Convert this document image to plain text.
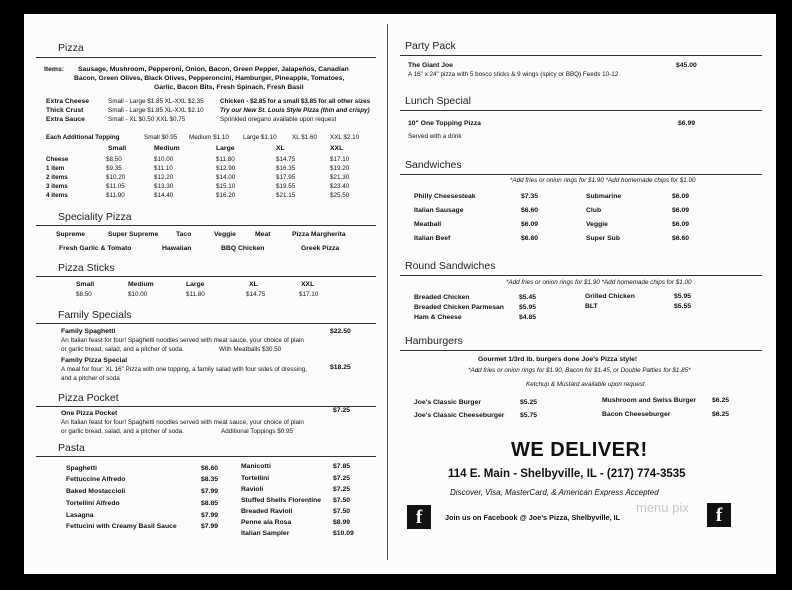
Pizza
Items: Sausage, Mushroom, Pepperoni, Onion, Bacon, Green Pepper, Jalapeños, Canadian
Bacon, Green Olives, Black Olives, Pepperoncini, Hamburger, Pineapple, Tomatoes,
Garlic, Bacon Bits, Fresh Spinach, Fresh Basil
Extra Cheese	Small - Large $1.85 XL-XXL $2.35	Chicken - $2.85 for a small $3.85 for all other sizes
Thick Crust	Small - Large $1.85 XL-XXL $2.10	Try our New St. Louis Style Pizza (thin and crispy)
Extra Sauce	Small - XL $0.50 XXL $0.75	Sprinkled oregano available upon request
Each Additional Topping	Small $0.95 Medium $1.10 Large $1.10 XL $1.60 XXL $2.10
Small	Medium	Large	XL	XXL
Cheese	$8.50	$10.00	$11.80	$14.75	$17.10
1 item	$9.35	$11.10	$12.90	$16.35	$19.20
2 items	$10.20	$12.20	$14.00	$17.95	$21.30
3 items	$11.05	$13.30	$15.10	$19.55	$23.40
4 items	$11.90	$14.40	$16.20	$21.15	$25.50
Speciality Pizza
Supreme	Super Supreme	Taco	Veggie	Meat	Pizza Margherita
Fresh Garlic & Tomato	Hawaiian	BBQ Chicken	Greek Pizza
Pizza Sticks
Small	Medium	Large	XL	XXL
$8.50	$10.00	$11.80	$14.75	$17.10
Family Specials
Family Spaghetti	$22.50
An Italian feast for four! Spaghetti noodles served with meat sauce, your choice of plain
or garlic bread, salad, and a pitcher of soda.	With Meatballs $30.50
Family Pizza Special
$18.25
A meal for four: XL 16" Pizza with one topping, a family salad with four sides of dressing,
and a pitcher of soda
Pizza Pocket
One Pizza Pocket	$7.25
An Italian feast for four! Spaghetti noodles served with meat sauce, your choice of plain
or garlic bread, salad, and a pitcher of soda.	Additional Toppings $0.95
Pasta
Spaghetti	$6.60
Fettuccine Alfredo	$8.35
Baked Mostaccioli	$7.99
Tortellini Alfredo	$8.85
Lasagna	$7.99
Fettucini with Creamy Basil Sauce	$7.99
Manicotti	$7.85
Tortellini	$7.25
Ravioli	$7.25
Stuffed Shells Florentine $7.50
Breaded Ravioli	$7.50
Penne ala Rosa	$8.99
Italian Sampler	$10.09
Party Pack
The Giant Joe	$45.00
A 16" x 24" pizza with 5 bosco sticks & 9 wings (spicy or BBQ) Feeds 10-12
Lunch Special
10" One Topping Pizza	$6.99
Served with a drink
Sandwiches
*Add fries or onion rings for $1.90 *Add homemade chips for $1.00
Philly Cheesesteak	$7.35
Italian Sausage	$6.60
Meatball	$6.09
Italian Beef	$6.60
Submarine	$6.09
Club	$6.09
Veggie	$6.09
Super Sub	$6.60
Round Sandwiches
*Add fries or onion rings for $1.90 *Add homemade chips for $1.00
Breaded Chicken	$5.45
Breaded Chicken Parmesan $5.95
Ham & Cheese	$4.85
Grilled Chicken	$5.95
BLT	$5.55
Hamburgers
Gourmet 1/3rd lb. burgers done Joe's Pizza style!
*Add fries or onion rings for $1.90, Bacon for $1.45, or Double Patties for $1.85*
Ketchup & Mustard available upon request
Joe's Classic Burger	$5.25
Joe's Classic Cheeseburger $5.75
Mushroom and Swiss Burger $6.25
Bacon Cheeseburger	$6.25
WE DELIVER!
114 E. Main - Shelbyville, IL - (217) 774-3535
Discover, Visa, MasterCard, & American Express Accepted
f	Join us on Facebook @ Joe's Pizza, Shelbyville, IL
menu pix	f
